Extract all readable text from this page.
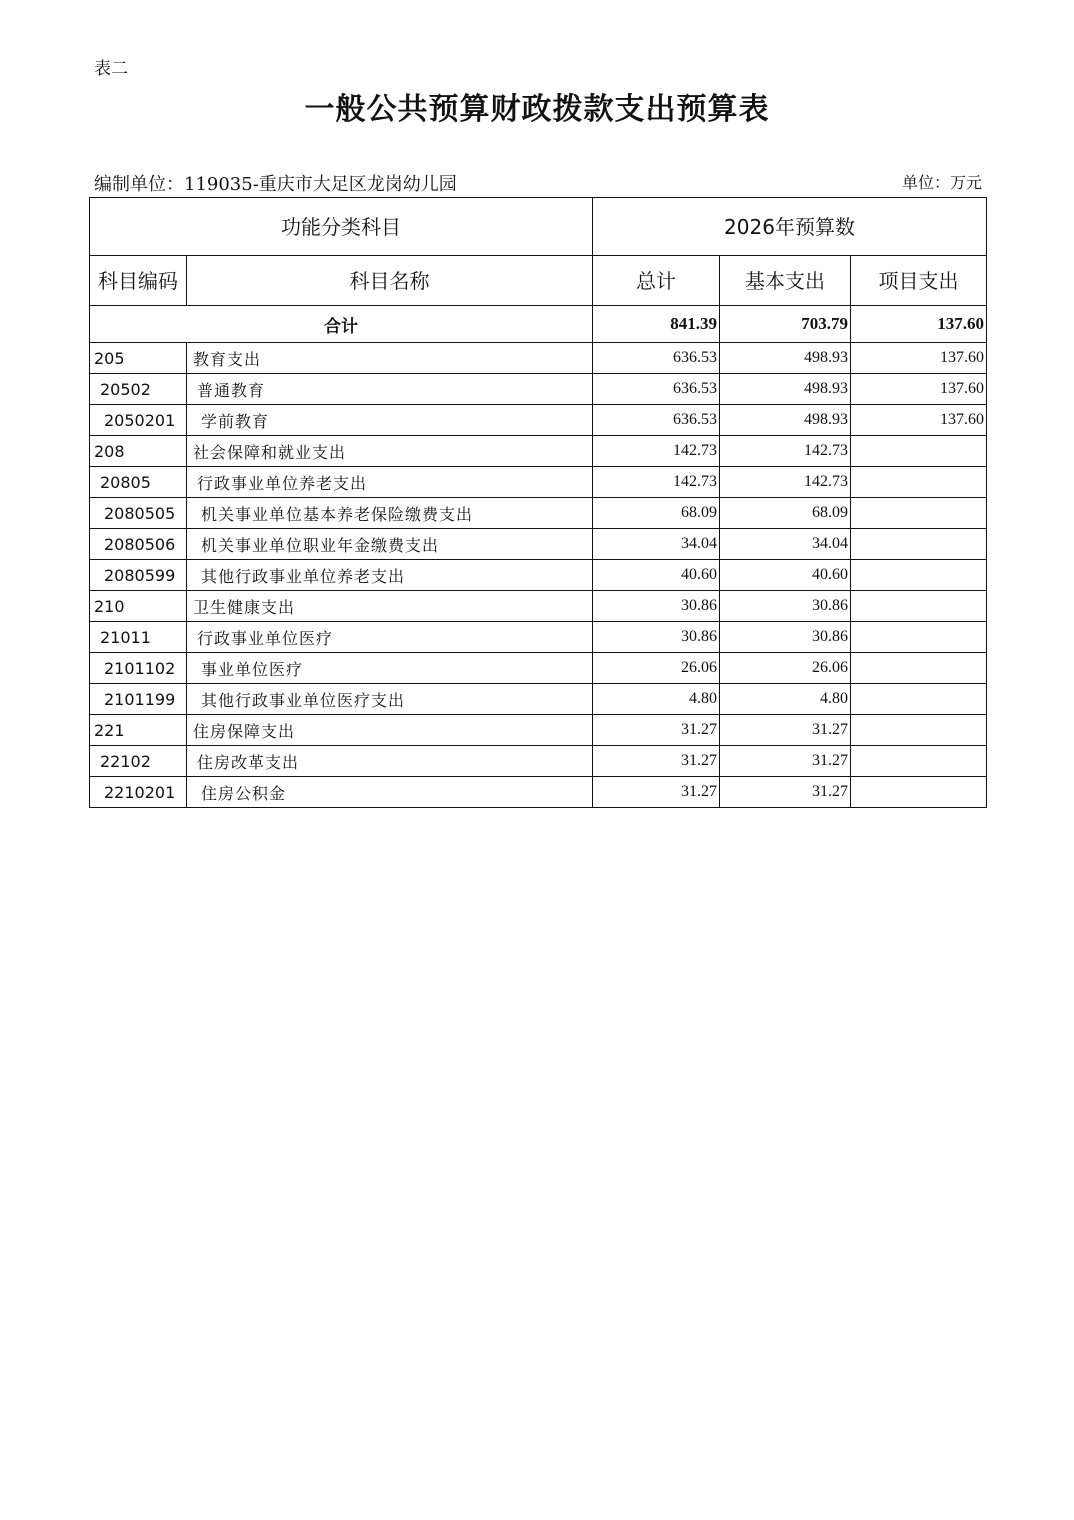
表二
一般公共预算财政拨款支出预算表
编制单位：119035-重庆市大足区龙岗幼儿园	单位：万元
功能分类科目		2026年预算数		
科目编码	科目名称	总计	基本支出	项目支出
合计		841.39	703.79	137.60
205	教育支出	636.53	498.93	137.60
20502	普通教育	636.53	498.93	137.60
2050201	学前教育	636.53	498.93	137.60
208	社会保障和就业支出	142.73	142.73	
20805	行政事业单位养老支出	142.73	142.73	
2080505	机关事业单位基本养老保险缴费支出	68.09	68.09	
2080506	机关事业单位职业年金缴费支出	34.04	34.04	
2080599	其他行政事业单位养老支出	40.60	40.60	
210	卫生健康支出	30.86	30.86	
21011	行政事业单位医疗	30.86	30.86	
2101102	事业单位医疗	26.06	26.06	
2101199	其他行政事业单位医疗支出	4.80	4.80	
221	住房保障支出	31.27	31.27	
22102	住房改革支出	31.27	31.27	
2210201	住房公积金	31.27	31.27	
